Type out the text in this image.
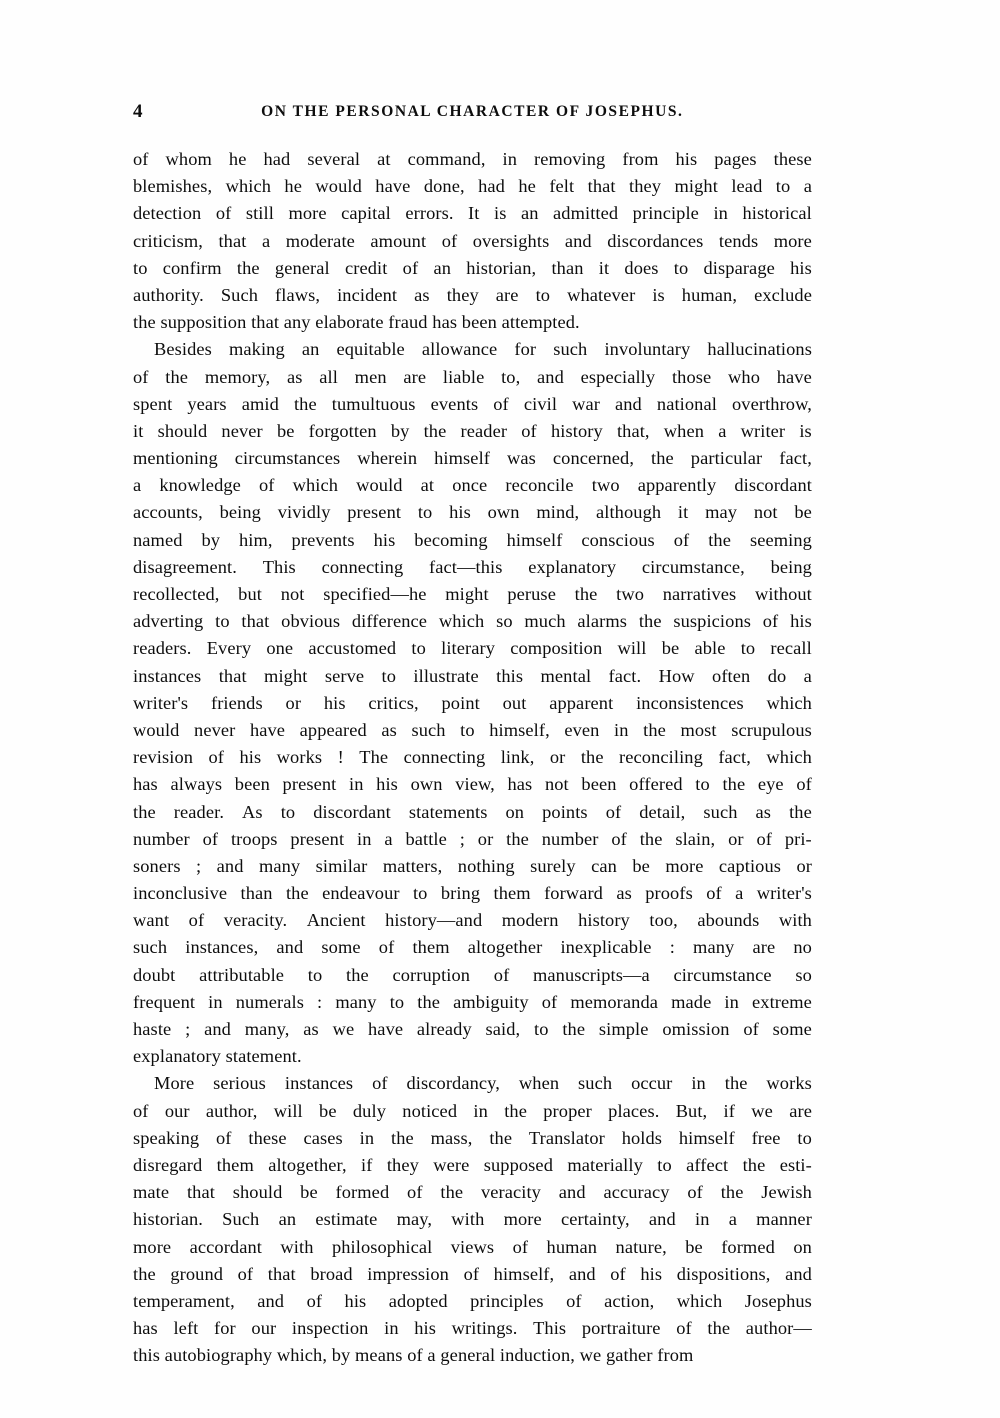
4	ON THE PERSONAL CHARACTER OF JOSEPHUS.
of whom he had several at command, in removing from his pages these
blemishes, which he would have done, had he felt that they might lead to a
detection of still more capital errors. It is an admitted principle in historical
criticism, that a moderate amount of oversights and discordances tends more
to confirm the general credit of an historian, than it does to disparage his
authority. Such flaws, incident as they are to whatever is human, exclude
the supposition that any elaborate fraud has been attempted.
Besides making an equitable allowance for such involuntary hallucinations
of the memory, as all men are liable to, and especially those who have
spent years amid the tumultuous events of civil war and national overthrow,
it should never be forgotten by the reader of history that, when a writer is
mentioning circumstances wherein himself was concerned, the particular fact,
a knowledge of which would at once reconcile two apparently discordant
accounts, being vividly present to his own mind, although it may not be
named by him, prevents his becoming himself conscious of the seeming
disagreement. This connecting fact—this explanatory circumstance, being
recollected, but not specified—he might peruse the two narratives without
adverting to that obvious difference which so much alarms the suspicions of his
readers. Every one accustomed to literary composition will be able to recall
instances that might serve to illustrate this mental fact. How often do a
writer's friends or his critics, point out apparent inconsistences which
would never have appeared as such to himself, even in the most scrupulous
revision of his works ! The connecting link, or the reconciling fact, which
has always been present in his own view, has not been offered to the eye of
the reader. As to discordant statements on points of detail, such as the
number of troops present in a battle ; or the number of the slain, or of pri-
soners ; and many similar matters, nothing surely can be more captious or
inconclusive than the endeavour to bring them forward as proofs of a writer's
want of veracity. Ancient history—and modern history too, abounds with
such instances, and some of them altogether inexplicable : many are no
doubt attributable to the corruption of manuscripts—a circumstance so
frequent in numerals : many to the ambiguity of memoranda made in extreme
haste ; and many, as we have already said, to the simple omission of some
explanatory statement.
More serious instances of discordancy, when such occur in the works
of our author, will be duly noticed in the proper places. But, if we are
speaking of these cases in the mass, the Translator holds himself free to
disregard them altogether, if they were supposed materially to affect the esti-
mate that should be formed of the veracity and accuracy of the Jewish
historian. Such an estimate may, with more certainty, and in a manner
more accordant with philosophical views of human nature, be formed on
the ground of that broad impression of himself, and of his dispositions, and
temperament, and of his adopted principles of action, which Josephus
has left for our inspection in his writings. This portraiture of the author—
this autobiography which, by means of a general induction, we gather from
